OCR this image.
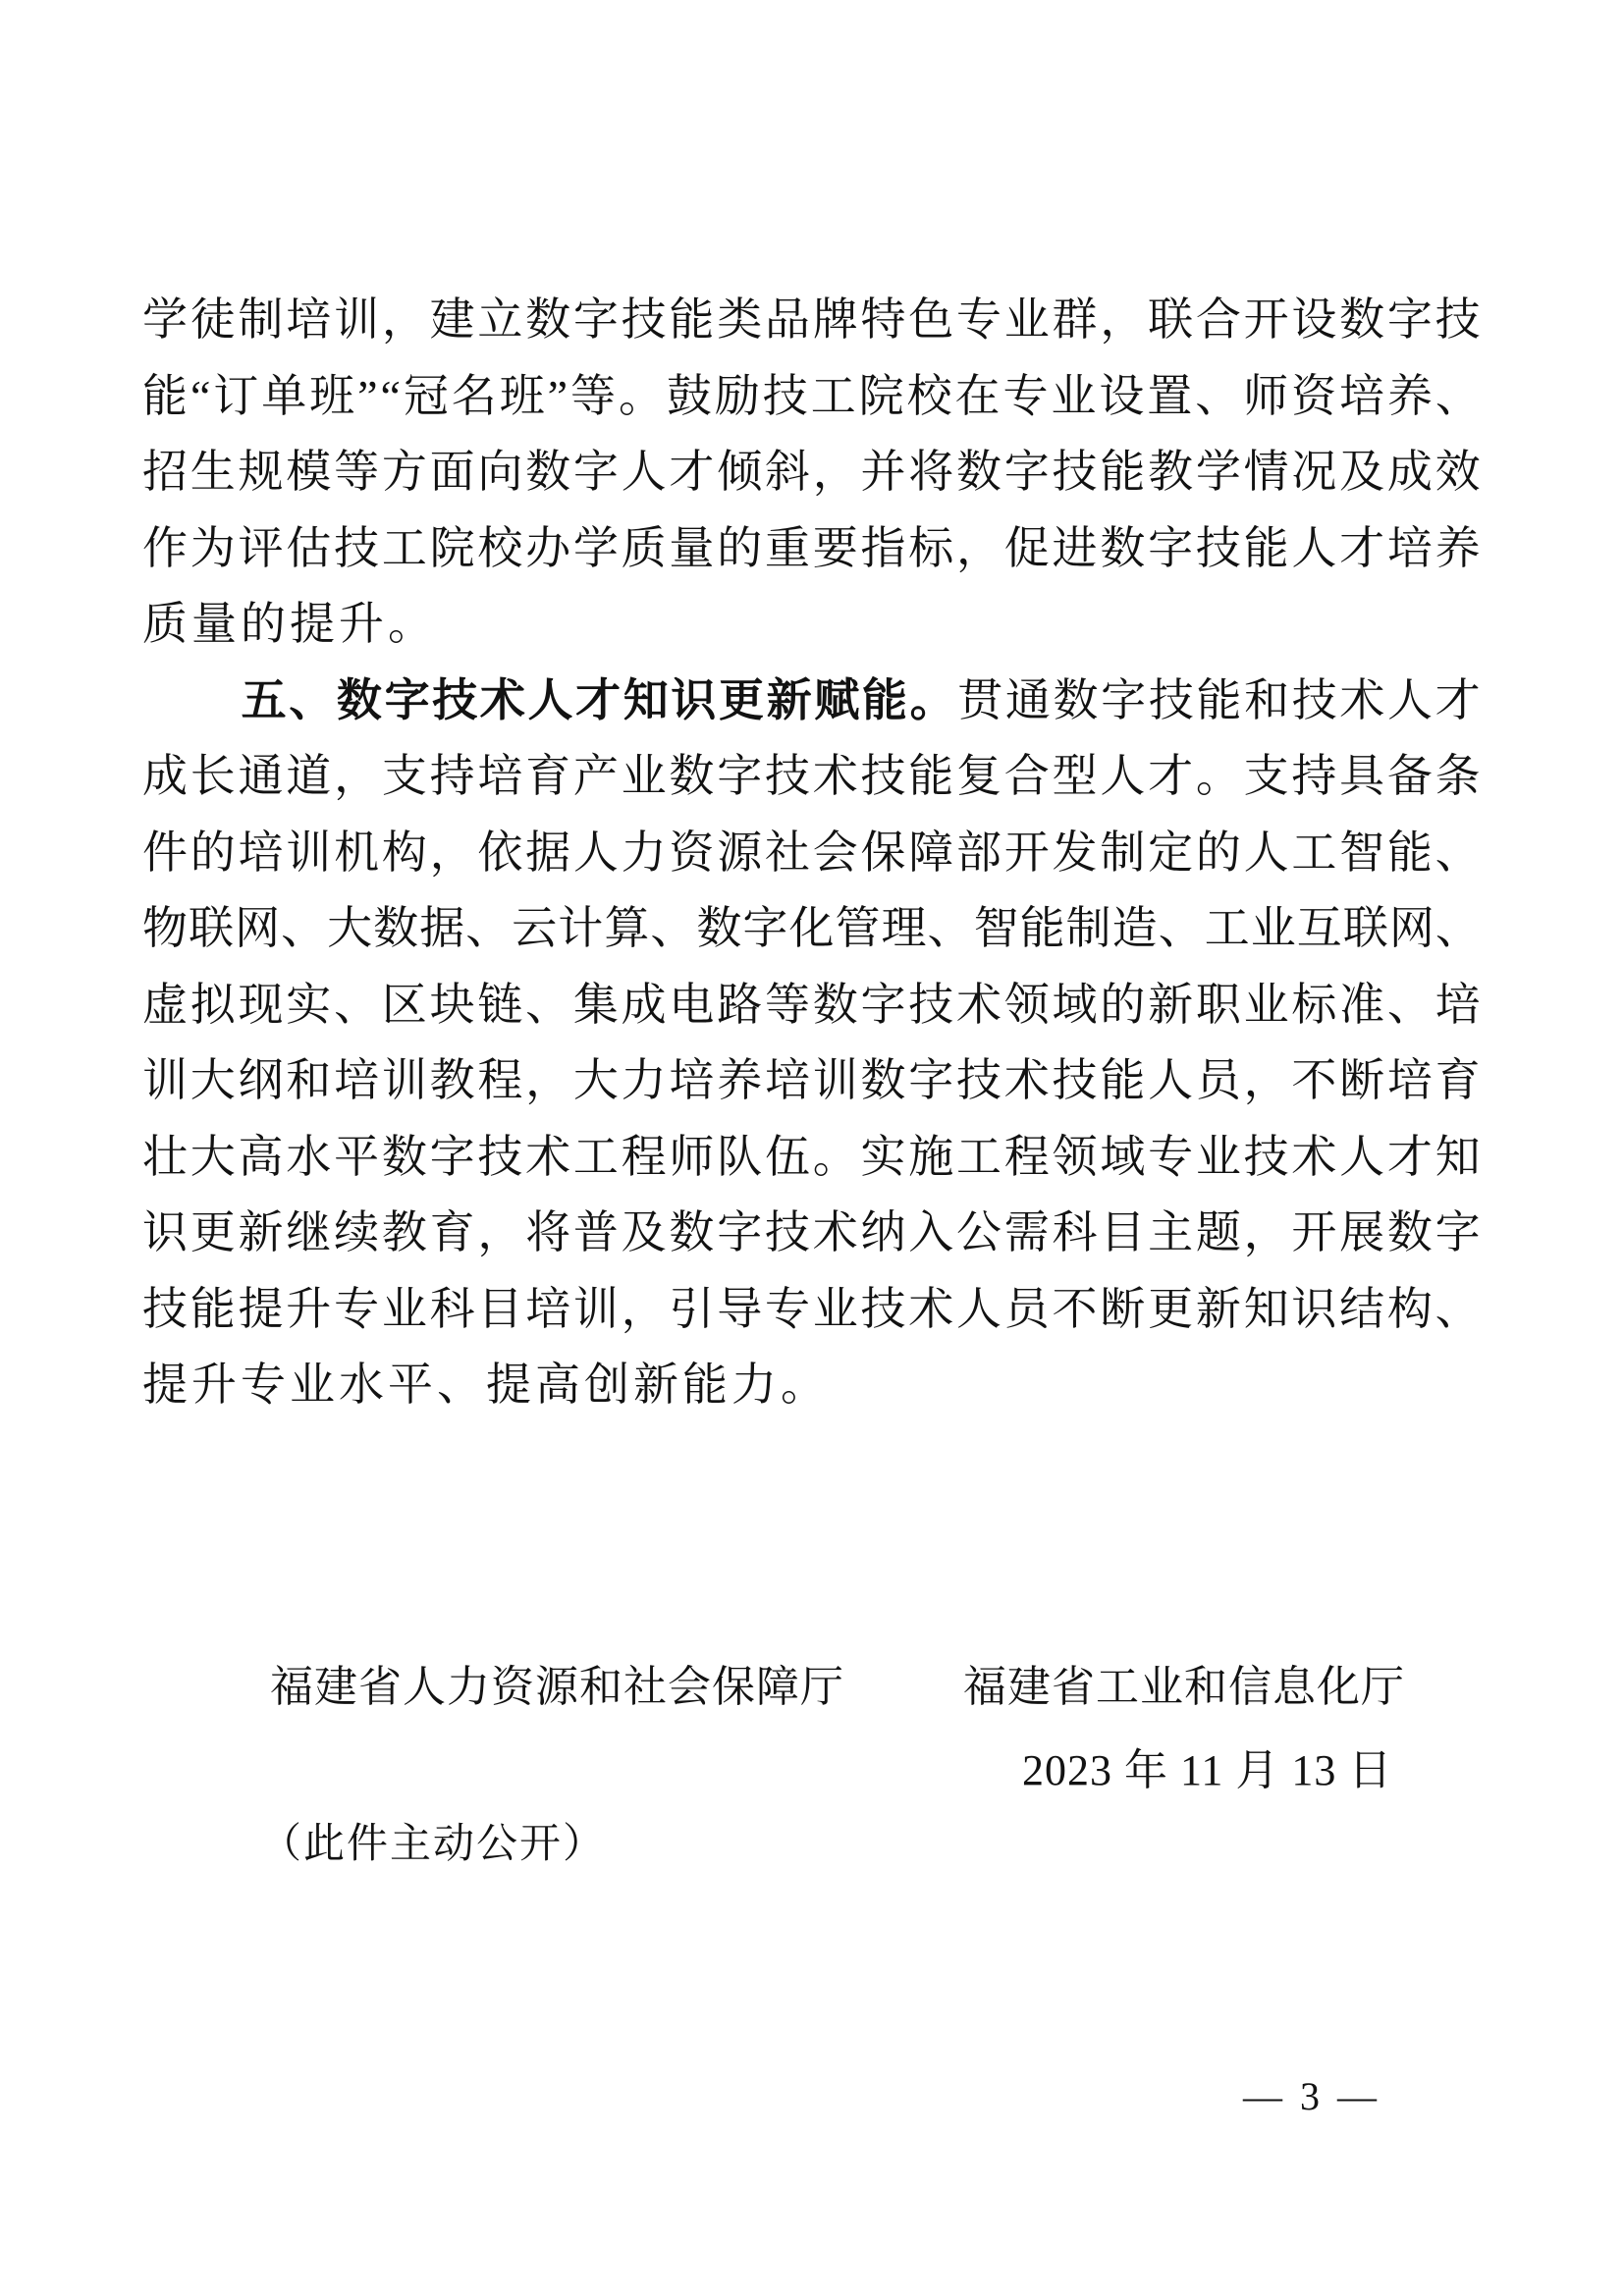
学 徒 制 培 训 ， 建 立 数 字 技 能 类 品 牌 特 色 专 业 群 ， 联 合 开 设 数 字 技
能 “ 订 单 班 ” “ 冠 名 班 ” 等 。 鼓 励 技 工 院 校 在 专 业 设 置 、 师 资 培 养 、
招 生 规 模 等 方 面 向 数 字 人 才 倾 斜 ， 并 将 数 字 技 能 教 学 情 况 及 成 效
作 为 评 估 技 工 院 校 办 学 质 量 的 重 要 指 标 ， 促 进 数 字 技 能 人 才 培 养
质 量 的 提 升 。
五 、 数 字 技 术 人 才 知 识 更 新 赋 能 。 贯 通 数 字 技 能 和 技 术 人 才
成 长 通 道 ， 支 持 培 育 产 业 数 字 技 术 技 能 复 合 型 人 才 。 支 持 具 备 条
件 的 培 训 机 构 ， 依 据 人 力 资 源 社 会 保 障 部 开 发 制 定 的 人 工 智 能 、
物 联 网 、 大 数 据 、 云 计 算 、 数 字 化 管 理 、 智 能 制 造 、 工 业 互 联 网 、
虚 拟 现 实 、 区 块 链 、 集 成 电 路 等 数 字 技 术 领 域 的 新 职 业 标 准 、 培
训 大 纲 和 培 训 教 程 ， 大 力 培 养 培 训 数 字 技 术 技 能 人 员 ， 不 断 培 育
壮 大 高 水 平 数 字 技 术 工 程 师 队 伍 。 实 施 工 程 领 域 专 业 技 术 人 才 知
识 更 新 继 续 教 育 ， 将 普 及 数 字 技 术 纳 入 公 需 科 目 主 题 ， 开 展 数 字
技 能 提 升 专 业 科 目 培 训 ， 引 导 专 业 技 术 人 员 不 断 更 新 知 识 结 构 、
提 升 专 业 水 平 、 提 高 创 新 能 力 。
福建省人力资源和社会保障厅	福建省工业和信息化厅
2023 年 11 月 13 日
（此件主动公开）
— 3 —
